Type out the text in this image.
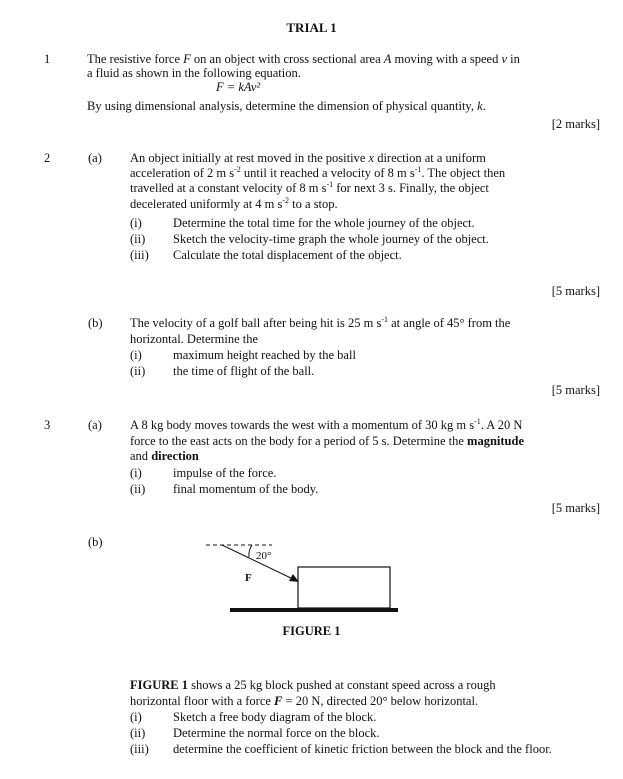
TRIAL 1
1	The resistive force F on an object with cross sectional area A moving with a speed v in
a fluid as shown in the following equation.
F = kAv²
By using dimensional analysis, determine the dimension of physical quantity, k.
[2 marks]
2	(a) An object initially at rest moved in the positive x direction at a uniform
acceleration of 2 m $s^{-2}$ until it reached a velocity of 8 m $s^{-1}$. The object then
travelled at a constant velocity of 8 m $s^{-1}$ for next 3 s. Finally, the object
decelerated uniformly at 4 m $s^{-2}$ to a stop.
(i)	Determine the total time for the whole journey of the object.
(ii)	Sketch the velocity-time graph the whole journey of the object.
(iii)	Calculate the total displacement of the object.
[5 marks]
(b) The velocity of a golf ball after being hit is 25 m $s^{-1}$ at angle of 45° from the
horizontal. Determine the
(i)	maximum height reached by the ball
(ii)	the time of flight of the ball.
[5 marks]
3	(a) A 8 kg body moves towards the west with a momentum of 30 kg m $s^{-1}$. A 20 N
force to the east acts on the body for a period of 5 s. Determine the magnitude
and direction
(i)	impulse of the force.
(ii)	final momentum of the body.
[5 marks]
(b)
20°
F
FIGURE 1
FIGURE 1 shows a 25 kg block pushed at constant speed across a rough
horizontal floor with a force F = 20 N, directed 20° below horizontal.
(i)	Sketch a free body diagram of the block.
(ii)	Determine the normal force on the block.
(iii)	determine the coefficient of kinetic friction between the block and the floor.
